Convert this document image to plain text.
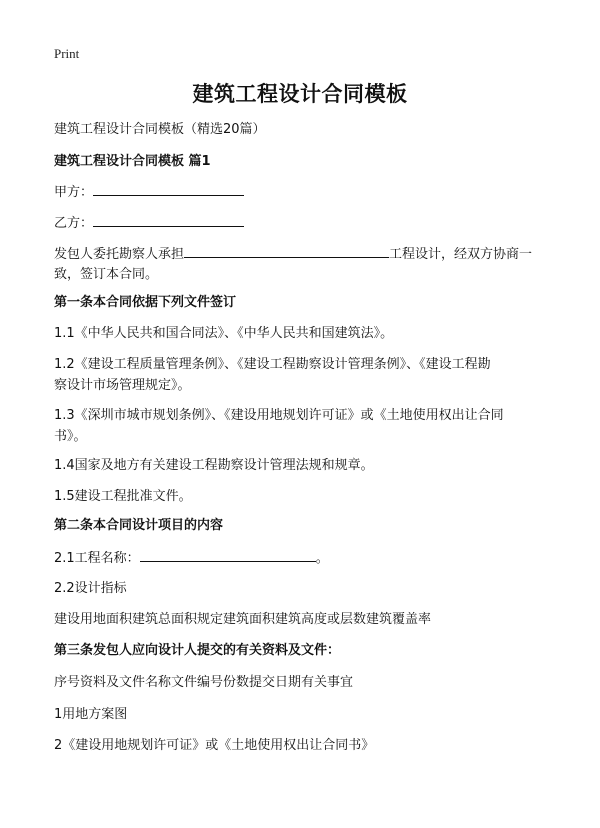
Print
建筑工程设计合同模板
建筑工程设计合同模板（精选20篇）
建筑工程设计合同模板 篇1
甲方：
乙方：
发包人委托勘察人承担	工程设计，经双方协商一
致，签订本合同。
第一条本合同依据下列文件签订
1.1《中华人民共和国合同法》、《中华人民共和国建筑法》。
1.2《建设工程质量管理条例》、《建设工程勘察设计管理条例》、《建设工程勘
察设计市场管理规定》。
1.3《深圳市城市规划条例》、《建设用地规划许可证》或《土地使用权出让合同
书》。
1.4国家及地方有关建设工程勘察设计管理法规和规章。
1.5建设工程批准文件。
第二条本合同设计项目的内容
2.1工程名称：	。
2.2设计指标
建设用地面积建筑总面积规定建筑面积建筑高度或层数建筑覆盖率
第三条发包人应向设计人提交的有关资料及文件：
序号资料及文件名称文件编号份数提交日期有关事宜
1用地方案图
2《建设用地规划许可证》或《土地使用权出让合同书》
